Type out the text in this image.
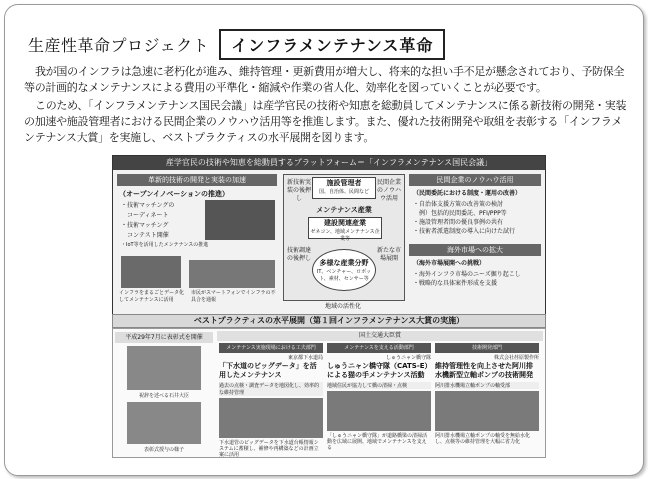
生産性革命プロジェクト	インフラメンテナンス革命
我が国のインフラは急速に老朽化が進み、維持管理・更新費用が増大し、将来的な担い手不足が懸念されており、予防保全等の計画的なメンテナンスによる費用の平準化・縮減や作業の省人化、効率化を図っていくことが必要です。
このため、「インフラメンテナンス国民会議」は産学官民の技術や知恵を総動員してメンテナンスに係る新技術の開発・実装の加速や施設管理者における民間企業のノウハウ活用等を推進します。また、優れた技術開発や取組を表彰する「インフラメンテナンス大賞」を実施し、ベストプラクティスの水平展開を図ります。
産学官民の技術や知恵を総動員するプラットフォーム＝「インフラメンテナンス国民会議」
革新的技術の開発と実装の加速
（オープンイノベーションの推進）
・技術マッチングの
　コーディネート
・技術マッチング
　コンテスト開催
・IoT等を活用したメンテナンスの推進
インフラをまるごとデータ化してメンテナンスに活用
市民がスマートフォンでインフラの不具合を通報
施設管理者
国、自治体、民間など
新技術実装の後押し
民間企業のノウハウ活用
メンテナンス産業
建設関連産業
ゼネコン、地域メンテナンス企業等
技術調達の後押し
新たな市場展開
多様な産業分野
IT、ベンチャー、ロボット、素材、センサー等
地域の活性化
民間企業のノウハウ活用
（民間委託における制度・運用の改善）
・自治体支援方策の改善策の検討
　例）包括的民間委託、PFI/PPP等
・施設管理者間の優良事例の共有
・技術者派遣制度の導入に向けた試行
海外市場への拡大
（海外市場展開への挑戦）
・海外インフラ市場のニーズ掘り起こし
・戦略的な具体案件形成を支援
ベストプラクティスの水平展開（第１回インフラメンテナンス大賞の実施）
平成29年7月に表彰式を開催
祝辞を述べる石井大臣
表彰式授与の様子
国土交通大臣賞
メンテナンス実施現場における工夫部門
東京都下水道局
「下水道のビッグデータ」を活用したメンテナンス
過去の点検・調査データを地図化し、効率的な維持管理
下水道管のビッグデータを下水道台帳情報システムに蓄積し、補修や再構築などの計画立案に活用
メンテナンスを支える活動部門
しゅうニャン橋守隊
しゅうニャン橋守隊（CATS-E）による猫の手メンテナンス活動
地域住民が協力して橋の清掃・点検
「しゅうニャン橋守隊」が道路橋梁の清掃活動を広域に展開、地域でメンテナンスを支える
技術開発部門
株式会社荏原製作所
維持管理性を向上させた阿川排水機新型立軸ポンプの技術開発
阿川排水機場立軸ポンプの軸受部
阿川排水機場立軸ポンプの軸受を無給水化し、点検等の維持管理を大幅に省力化
